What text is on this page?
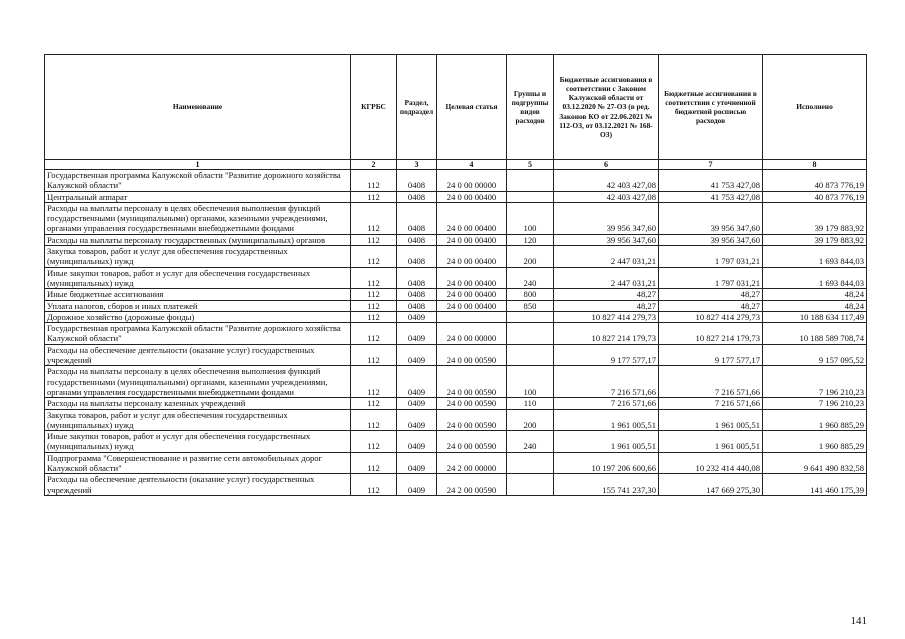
Наименование	КГРБС	Раздел, подраздел	Целевая статья	Группы и подгруппы видов расходов	Бюджетные ассигнования в соответствии с Законом Калужской области от 03.12.2020 № 27-ОЗ (в ред. Законов КО от 22.06.2021 № 112-ОЗ, от 03.12.2021 № 168-ОЗ)	Бюджетные ассигнования в соответствии с уточненной бюджетной росписью расходов	Исполнено
1	2	3	4	5	6	7	8
Государственная программа Калужской области "Развитие дорожного хозяйства Калужской области"	112	0408	24 0 00 00000		42 403 427,08	41 753 427,08	40 873 776,19
Центральный аппарат	112	0408	24 0 00 00400		42 403 427,08	41 753 427,08	40 873 776,19
Расходы на выплаты персоналу в целях обеспечения выполнения функций государственными (муниципальными) органами, казенными учреждениями, органами управления государственными внебюджетными фондами	112	0408	24 0 00 00400	100	39 956 347,60	39 956 347,60	39 179 883,92
Расходы на выплаты персоналу государственных (муниципальных) органов	112	0408	24 0 00 00400	120	39 956 347,60	39 956 347,60	39 179 883,92
Закупка товаров, работ и услуг для обеспечения государственных (муниципальных) нужд	112	0408	24 0 00 00400	200	2 447 031,21	1 797 031,21	1 693 844,03
Иные закупки товаров, работ и услуг для обеспечения государственных (муниципальных) нужд	112	0408	24 0 00 00400	240	2 447 031,21	1 797 031,21	1 693 844,03
Иные бюджетные ассигнования	112	0408	24 0 00 00400	800	48,27	48,27	48,24
Уплата налогов, сборов и иных платежей	112	0408	24 0 00 00400	850	48,27	48,27	48,24
Дорожное хозяйство (дорожные фонды)	112	0409			10 827 414 279,73	10 827 414 279,73	10 188 634 117,49
Государственная программа Калужской области "Развитие дорожного хозяйства Калужской области"	112	0409	24 0 00 00000		10 827 214 179,73	10 827 214 179,73	10 188 589 708,74
Расходы на обеспечение деятельности (оказание услуг) государственных учреждений	112	0409	24 0 00 00590		9 177 577,17	9 177 577,17	9 157 095,52
Расходы на выплаты персоналу в целях обеспечения выполнения функций государственными (муниципальными) органами, казенными учреждениями, органами управления государственными внебюджетными фондами	112	0409	24 0 00 00590	100	7 216 571,66	7 216 571,66	7 196 210,23
Расходы на выплаты персоналу казенных учреждений	112	0409	24 0 00 00590	110	7 216 571,66	7 216 571,66	7 196 210,23
Закупка товаров, работ и услуг для обеспечения государственных (муниципальных) нужд	112	0409	24 0 00 00590	200	1 961 005,51	1 961 005,51	1 960 885,29
Иные закупки товаров, работ и услуг для обеспечения государственных (муниципальных) нужд	112	0409	24 0 00 00590	240	1 961 005,51	1 961 005,51	1 960 885,29
Подпрограмма "Совершенствование и развитие сети автомобильных дорог Калужской области"	112	0409	24 2 00 00000		10 197 206 600,66	10 232 414 440,08	9 641 490 832,58
Расходы на обеспечение деятельности (оказание услуг) государственных учреждений	112	0409	24 2 00 00590		155 741 237,30	147 669 275,30	141 460 175,39
141
